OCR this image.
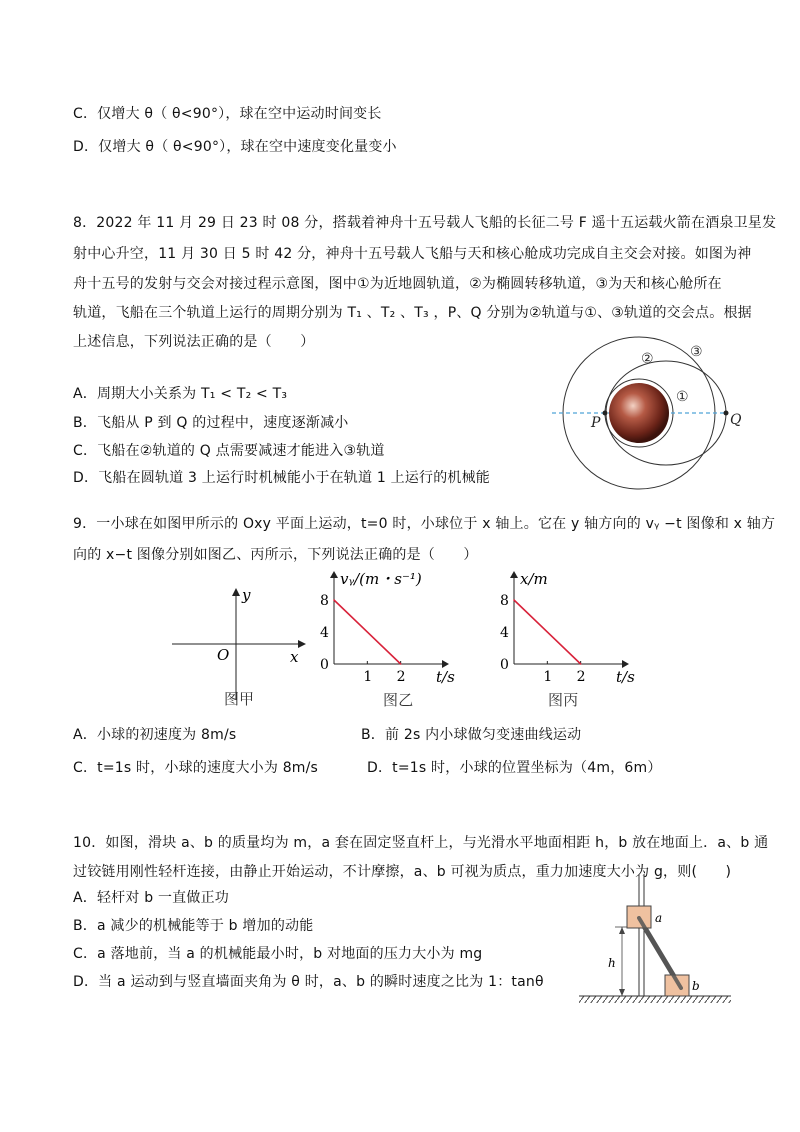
C．仅增大 θ（ θ<90°），球在空中运动时间变长
D．仅增大 θ（ θ<90°），球在空中速度变化量变小
8．2022 年 11 月 29 日 23 时 08 分，搭载着神舟十五号载人飞船的长征二号 F 遥十五运载火箭在酒泉卫星发
射中心升空，11 月 30 日 5 时 42 分，神舟十五号载人飞船与天和核心舱成功完成自主交会对接。如图为神
舟十五号的发射与交会对接过程示意图，图中①为近地圆轨道，②为椭圆转移轨道，③为天和核心舱所在
轨道，飞船在三个轨道上运行的周期分别为 T₁ 、T₂ 、T₃ ，P、Q 分别为②轨道与①、③轨道的交会点。根据
上述信息，下列说法正确的是（　　）
A．周期大小关系为 T₁ < T₂ < T₃
B．飞船从 P 到 Q 的过程中，速度逐渐减小
C．飞船在②轨道的 Q 点需要减速才能进入③轨道
D．飞船在圆轨道 3 上运行时机械能小于在轨道 1 上运行的机械能
①
②	③
P	Q
9．一小球在如图甲所示的 Oxy 平面上运动，t=0 时，小球位于 x 轴上。它在 y 轴方向的 vᵧ −t 图像和 x 轴方
向的 x−t 图像分别如图乙、丙所示，下列说法正确的是（　　）
y
x
O
图甲
4
8
1 2
0
vᵧ/(m・s⁻¹)
t/s
图乙
4
8
1 2
0
x/m
t/s
图丙
A．小球的初速度为 8m/s	B．前 2s 内小球做匀变速曲线运动
C．t=1s 时，小球的速度大小为 8m/s	D．t=1s 时，小球的位置坐标为（4m，6m）
10．如图，滑块 a、b 的质量均为 m，a 套在固定竖直杆上，与光滑水平地面相距 h，b 放在地面上．a、b 通
过铰链用刚性轻杆连接，由静止开始运动，不计摩擦，a、b 可视为质点，重力加速度大小为 g，则(　　)
A．轻杆对 b 一直做正功
B．a 减少的机械能等于 b 增加的动能
C．a 落地前，当 a 的机械能最小时，b 对地面的压力大小为 mg
D．当 a 运动到与竖直墙面夹角为 θ 时，a、b 的瞬时速度之比为 1：tanθ
h
a
b
